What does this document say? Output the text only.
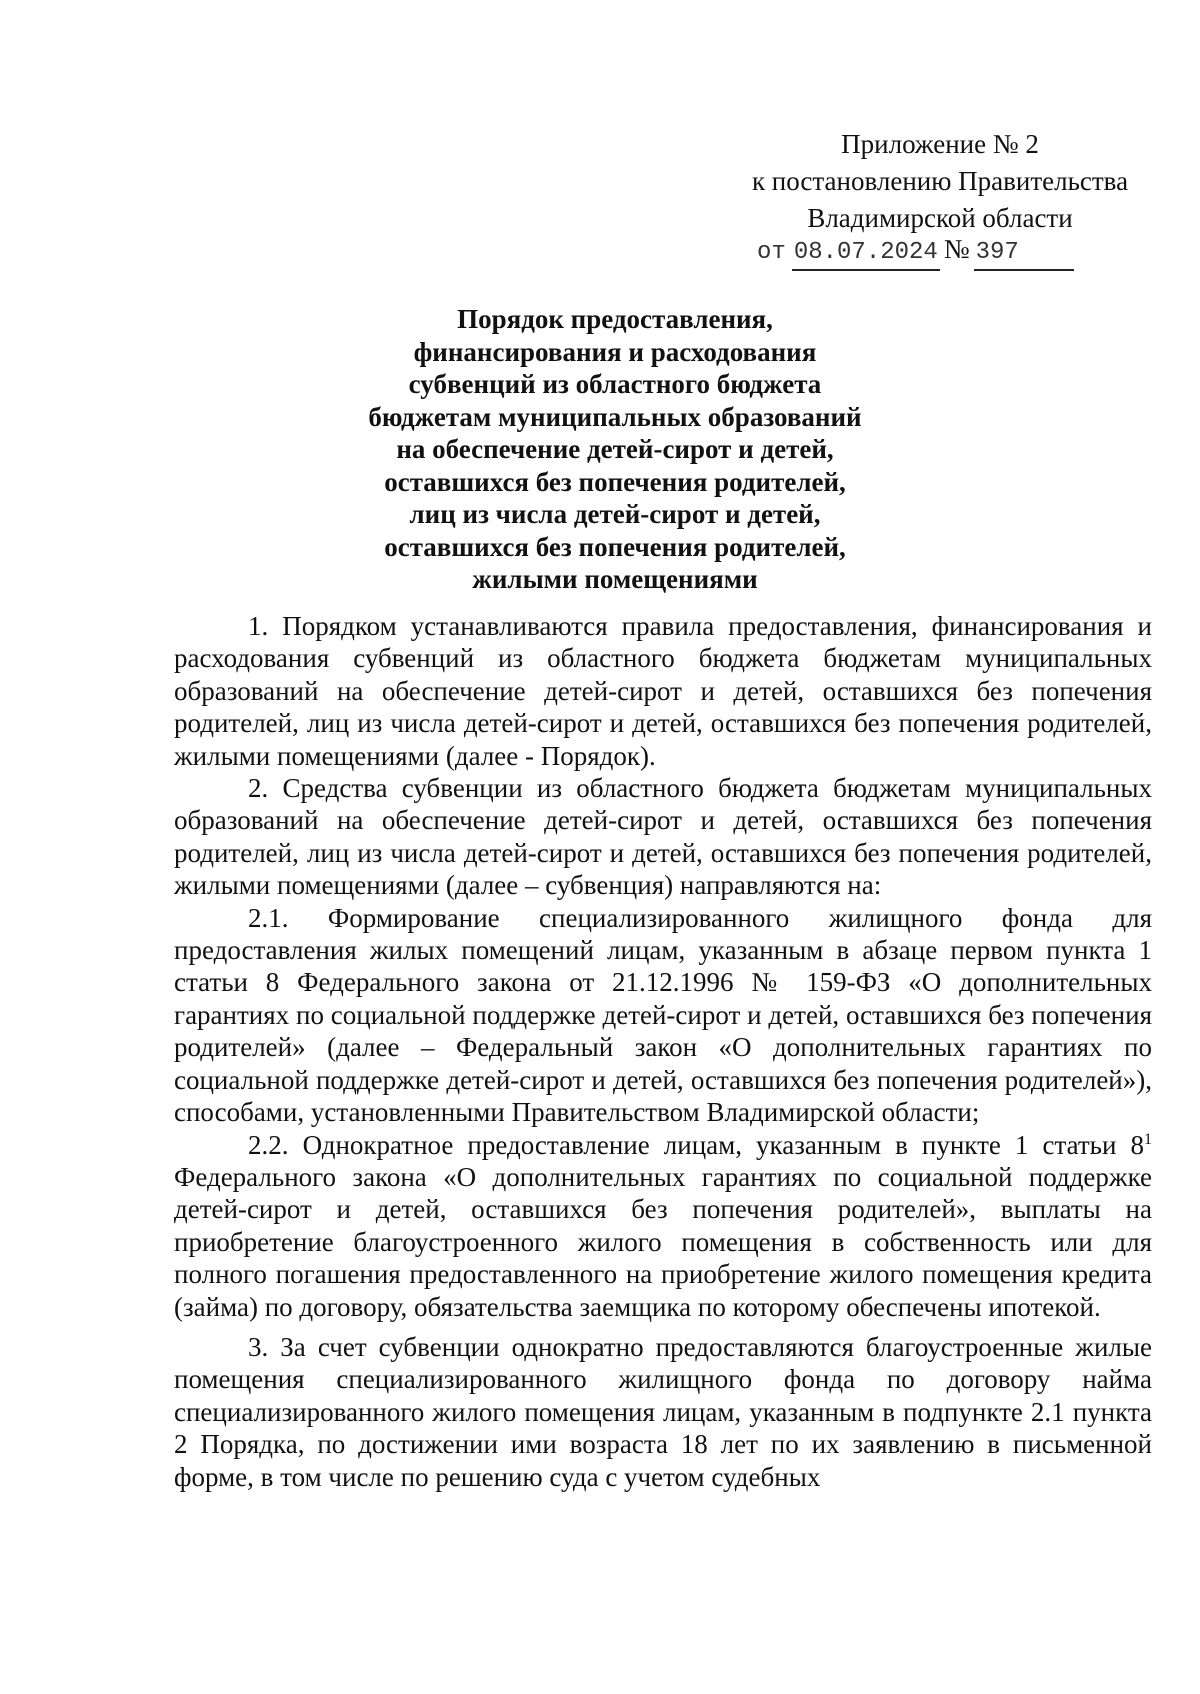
Приложение № 2
к постановлению Правительства
Владимирской области
от 08.07.2024 № 397
Порядок предоставления,
финансирования и расходования
субвенций из областного бюджета
бюджетам муниципальных образований
на обеспечение детей-сирот и детей,
оставшихся без попечения родителей,
лиц из числа детей-сирот и детей,
оставшихся без попечения родителей,
жилыми помещениями

1. Порядком устанавливаются правила предоставления, финансирования и расходования субвенций из областного бюджета бюджетам муниципальных образований на обеспечение детей-сирот и детей, оставшихся без попечения родителей, лиц из числа детей-сирот и детей, оставшихся без попечения родителей, жилыми помещениями (далее - Порядок).

2. Средства субвенции из областного бюджета бюджетам муниципальных образований на обеспечение детей-сирот и детей, оставшихся без попечения родителей, лиц из числа детей-сирот и детей, оставшихся без попечения родителей, жилыми помещениями (далее – субвенция) направляются на:

2.1. Формирование специализированного жилищного фонда для предоставления жилых помещений лицам, указанным в абзаце первом пункта 1 статьи 8 Федерального закона от 21.12.1996 № 159-ФЗ «О дополнительных гарантиях по социальной поддержке детей-сирот и детей, оставшихся без попечения родителей» (далее – Федеральный закон «О дополнительных гарантиях по социальной поддержке детей-сирот и детей, оставшихся без попечения родителей»), способами, установленными Правительством Владимирской области;

2.2. Однократное предоставление лицам, указанным в пункте 1 статьи $8^1$ Федерального закона «О дополнительных гарантиях по социальной поддержке детей-сирот и детей, оставшихся без попечения родителей», выплаты на приобретение благоустроенного жилого помещения в собственность или для полного погашения предоставленного на приобретение жилого помещения кредита (займа) по договору, обязательства заемщика по которому обеспечены ипотекой.

3. За счет субвенции однократно предоставляются благоустроенные жилые помещения специализированного жилищного фонда по договору найма специализированного жилого помещения лицам, указанным в подпункте 2.1 пункта 2 Порядка, по достижении ими возраста 18 лет по их заявлению в письменной форме, в том числе по решению суда с учетом судебных
